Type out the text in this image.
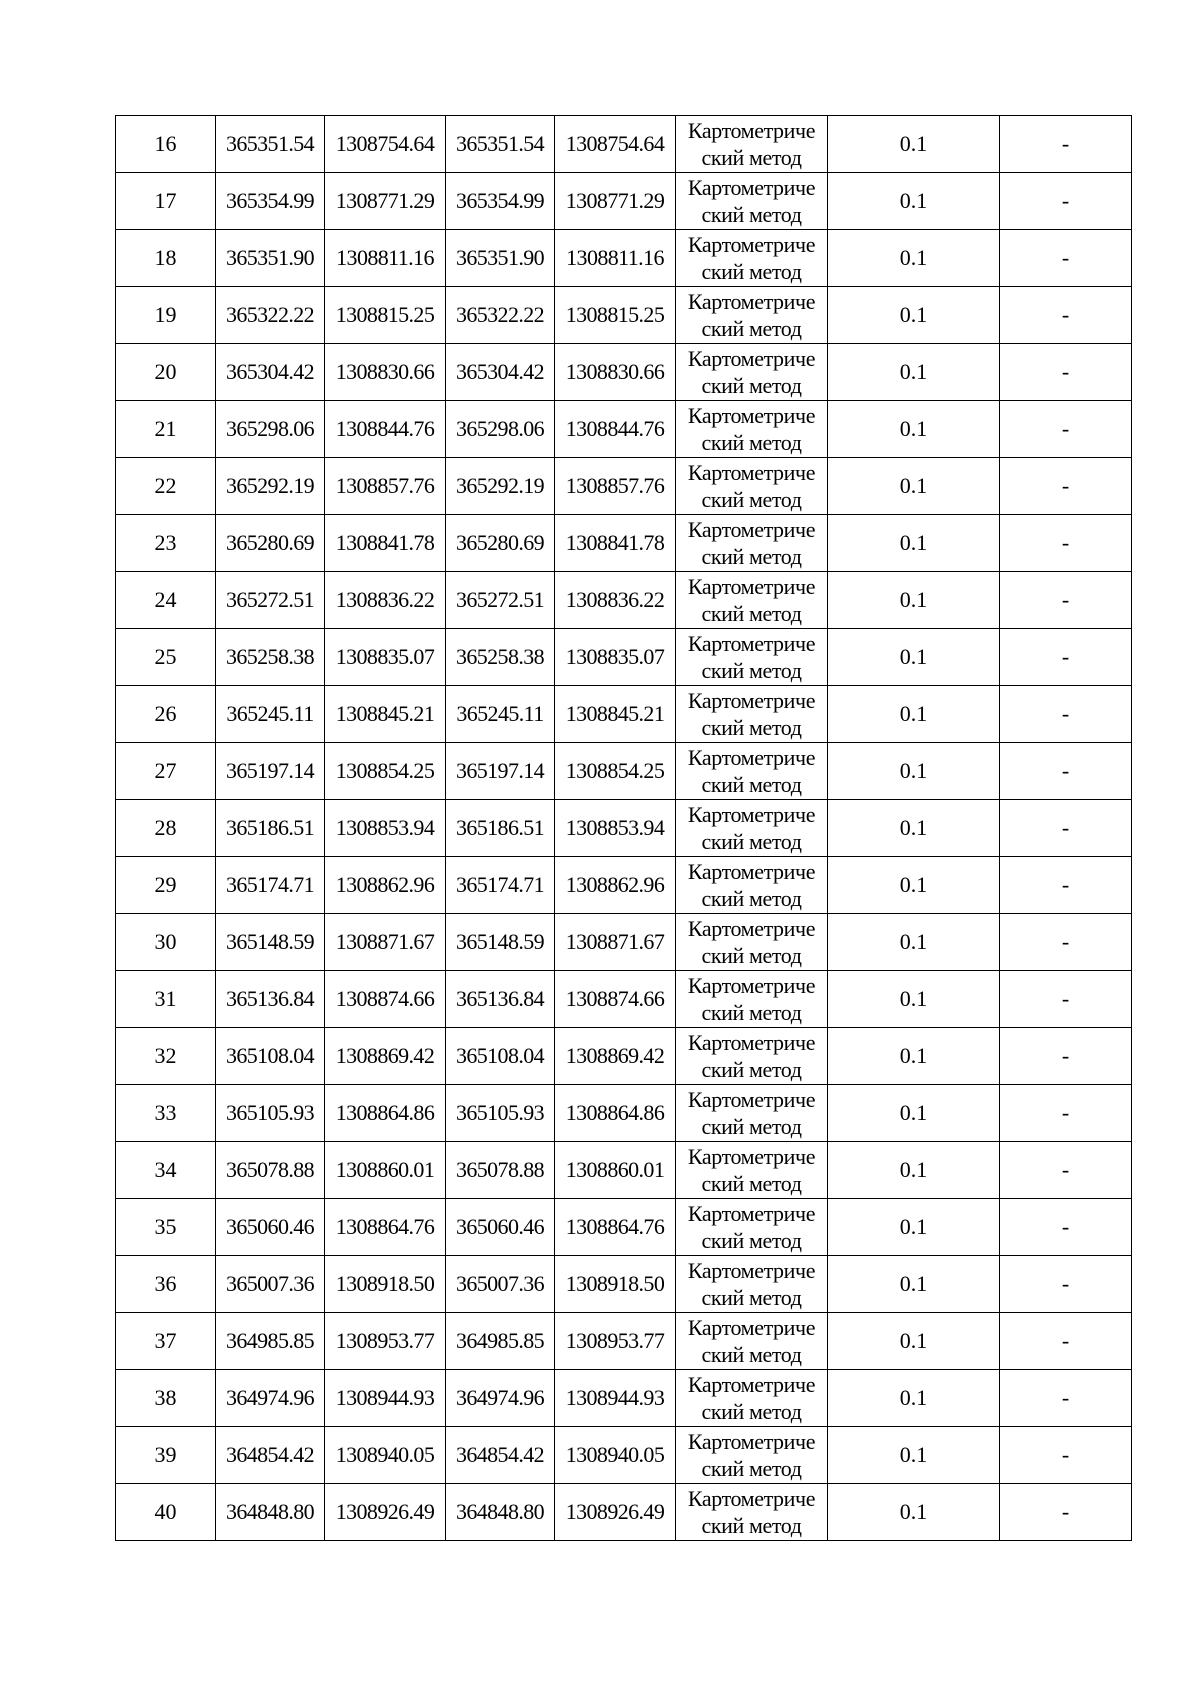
16	365351.54	1308754.64	365351.54	1308754.64	Картометриче ский метод	0.1	-
17	365354.99	1308771.29	365354.99	1308771.29	Картометриче ский метод	0.1	-
18	365351.90	1308811.16	365351.90	1308811.16	Картометриче ский метод	0.1	-
19	365322.22	1308815.25	365322.22	1308815.25	Картометриче ский метод	0.1	-
20	365304.42	1308830.66	365304.42	1308830.66	Картометриче ский метод	0.1	-
21	365298.06	1308844.76	365298.06	1308844.76	Картометриче ский метод	0.1	-
22	365292.19	1308857.76	365292.19	1308857.76	Картометриче ский метод	0.1	-
23	365280.69	1308841.78	365280.69	1308841.78	Картометриче ский метод	0.1	-
24	365272.51	1308836.22	365272.51	1308836.22	Картометриче ский метод	0.1	-
25	365258.38	1308835.07	365258.38	1308835.07	Картометриче ский метод	0.1	-
26	365245.11	1308845.21	365245.11	1308845.21	Картометриче ский метод	0.1	-
27	365197.14	1308854.25	365197.14	1308854.25	Картометриче ский метод	0.1	-
28	365186.51	1308853.94	365186.51	1308853.94	Картометриче ский метод	0.1	-
29	365174.71	1308862.96	365174.71	1308862.96	Картометриче ский метод	0.1	-
30	365148.59	1308871.67	365148.59	1308871.67	Картометриче ский метод	0.1	-
31	365136.84	1308874.66	365136.84	1308874.66	Картометриче ский метод	0.1	-
32	365108.04	1308869.42	365108.04	1308869.42	Картометриче ский метод	0.1	-
33	365105.93	1308864.86	365105.93	1308864.86	Картометриче ский метод	0.1	-
34	365078.88	1308860.01	365078.88	1308860.01	Картометриче ский метод	0.1	-
35	365060.46	1308864.76	365060.46	1308864.76	Картометриче ский метод	0.1	-
36	365007.36	1308918.50	365007.36	1308918.50	Картометриче ский метод	0.1	-
37	364985.85	1308953.77	364985.85	1308953.77	Картометриче ский метод	0.1	-
38	364974.96	1308944.93	364974.96	1308944.93	Картометриче ский метод	0.1	-
39	364854.42	1308940.05	364854.42	1308940.05	Картометриче ский метод	0.1	-
40	364848.80	1308926.49	364848.80	1308926.49	Картометриче ский метод	0.1	-
